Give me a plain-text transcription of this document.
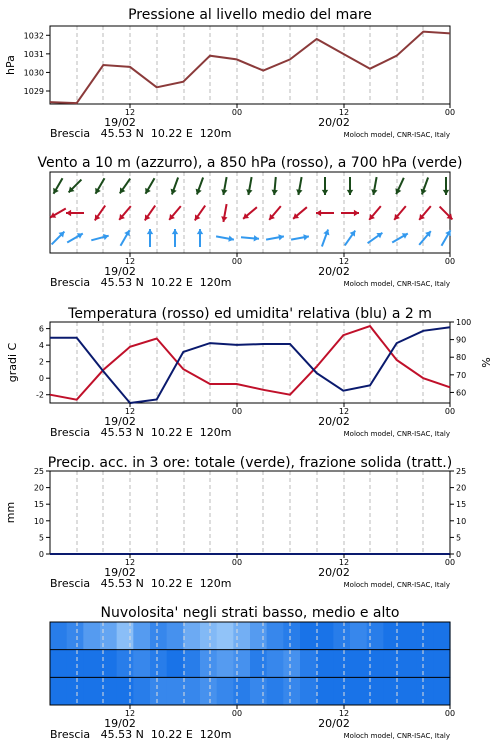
Pressione al livello medio del mare
1029
1030
1031
1032
hPa
12
19/02
00	12
20/02
00
Brescia   45.53 N  10.22 E  120m	Moloch model, CNR-ISAC, Italy
Vento a 10 m (azzurro), a 850 hPa (rosso), a 700 hPa (verde)
12
19/02
00	12
20/02
00
Brescia   45.53 N  10.22 E  120m	Moloch model, CNR-ISAC, Italy
Temperatura (rosso) ed umidita' relativa (blu) a 2 m
-2
0
2
4
6
60
70
80
90
100
gradi C	%
12
19/02
00	12
20/02
00
Brescia   45.53 N  10.22 E  120m	Moloch model, CNR-ISAC, Italy
Precip. acc. in 3 ore: totale (verde), frazione solida (tratt.)
0
5
10
15
20
25
0
5
10
15
20
25
mm
12
19/02
00	12
20/02
00
Brescia   45.53 N  10.22 E  120m	Moloch model, CNR-ISAC, Italy
Nuvolosita' negli strati basso, medio e alto
12
19/02
00	12
20/02
00
Brescia   45.53 N  10.22 E  120m	Moloch model, CNR-ISAC, Italy
